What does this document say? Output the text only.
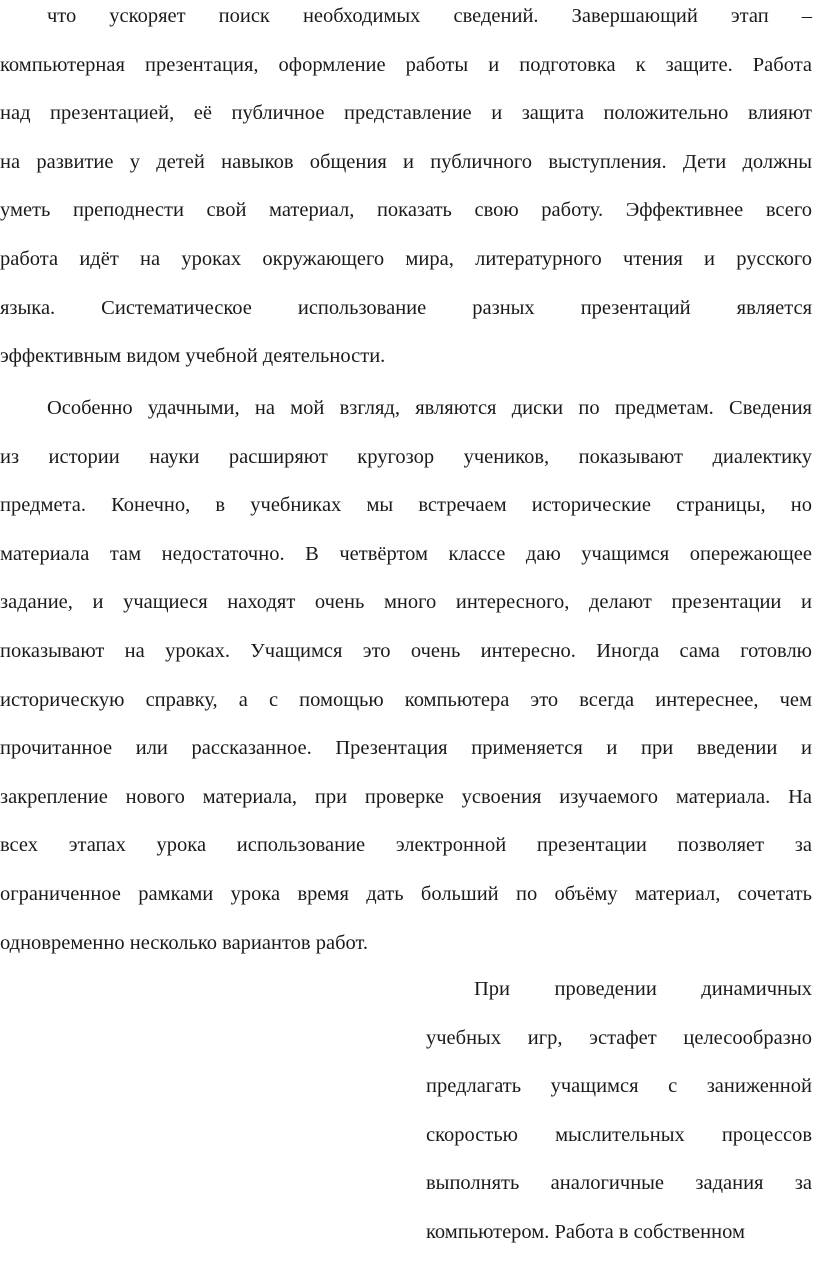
что ускоряет поиск необходимых сведений. Завершающий этап –
компьютерная презентация, оформление работы и подготовка к защите. Работа
над презентацией, её публичное представление и защита положительно влияют
на развитие у детей навыков общения и публичного выступления. Дети должны
уметь преподнести свой материал, показать свою работу. Эффективнее всего
работа идёт на уроках окружающего мира, литературного чтения и русского
языка. Систематическое использование разных презентаций является
эффективным видом учебной деятельности.
Особенно удачными, на мой взгляд, являются диски по предметам. Сведения
из истории науки расширяют кругозор учеников, показывают диалектику
предмета. Конечно, в учебниках мы встречаем исторические страницы, но
материала там недостаточно. В четвёртом классе даю учащимся опережающее
задание, и учащиеся находят очень много интересного, делают презентации и
показывают на уроках. Учащимся это очень интересно. Иногда сама готовлю
историческую справку, а с помощью компьютера это всегда интереснее, чем
прочитанное или рассказанное. Презентация применяется и при введении и
закрепление нового материала, при проверке усвоения изучаемого материала. На
всех этапах урока использование электронной презентации позволяет за
ограниченное рамками урока время дать больший по объёму материал, сочетать
одновременно несколько вариантов работ.
При проведении динамичных
учебных игр, эстафет целесообразно
предлагать учащимся с заниженной
скоростью мыслительных процессов
выполнять аналогичные задания за
компьютером. Работа в собственном
